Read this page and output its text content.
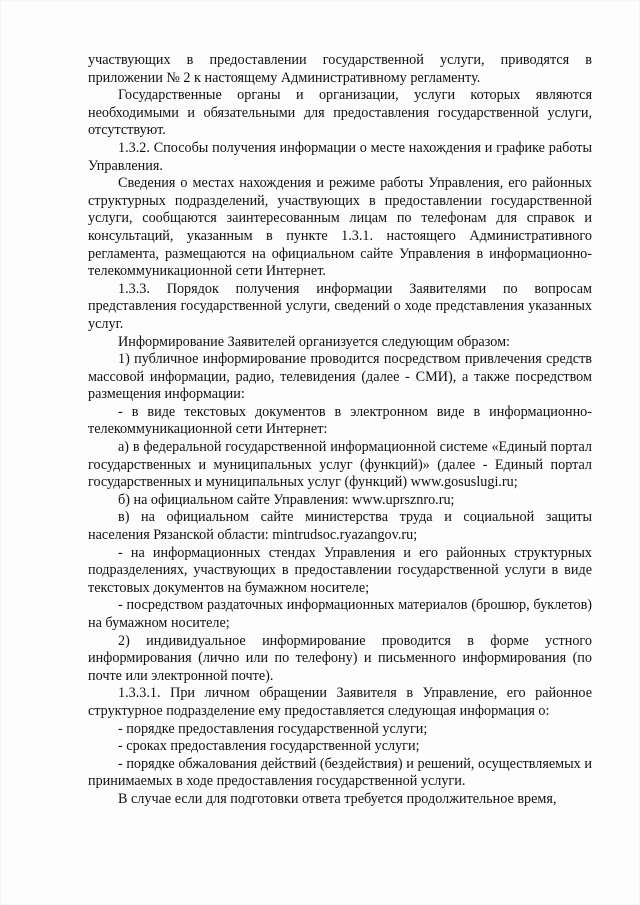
участвующих в предоставлении государственной услуги, приводятся в приложении № 2 к настоящему Административному регламенту.

Государственные органы и организации, услуги которых являются необходимыми и обязательными для предоставления государственной услуги, отсутствуют.

1.3.2. Способы получения информации о месте нахождения и графике работы Управления.

Сведения о местах нахождения и режиме работы Управления, его районных структурных подразделений, участвующих в предоставлении государственной услуги, сообщаются заинтересованным лицам по телефонам для справок и консультаций, указанным в пункте 1.3.1. настоящего Административного регламента, размещаются на официальном сайте Управления в информационно-телекоммуникационной сети Интернет.

1.3.3. Порядок получения информации Заявителями по вопросам представления государственной услуги, сведений о ходе представления указанных услуг.

Информирование Заявителей организуется следующим образом:

1) публичное информирование проводится посредством привлечения средств массовой информации, радио, телевидения (далее - СМИ), а также посредством размещения информации:

- в виде текстовых документов в электронном виде в информационно-телекоммуникационной сети Интернет:

а) в федеральной государственной информационной системе «Единый портал государственных и муниципальных услуг (функций)» (далее - Единый портал государственных и муниципальных услуг (функций) www.gosuslugi.ru;

б) на официальном сайте Управления: www.uprsznro.ru;

в) на официальном сайте министерства труда и социальной защиты населения Рязанской области: mintrudsoc.ryazangov.ru;

- на информационных стендах Управления и его районных структурных подразделениях, участвующих в предоставлении государственной услуги в виде текстовых документов на бумажном носителе;

- посредством раздаточных информационных материалов (брошюр, буклетов) на бумажном носителе;

2) индивидуальное информирование проводится в форме устного информирования (лично или по телефону) и письменного информирования (по почте или электронной почте).

1.3.3.1. При личном обращении Заявителя в Управление, его районное структурное подразделение ему предоставляется следующая информация о:

- порядке предоставления государственной услуги;

- сроках предоставления государственной услуги;

- порядке обжалования действий (бездействия) и решений, осуществляемых и принимаемых в ходе предоставления государственной услуги.

В случае если для подготовки ответа требуется продолжительное время,
